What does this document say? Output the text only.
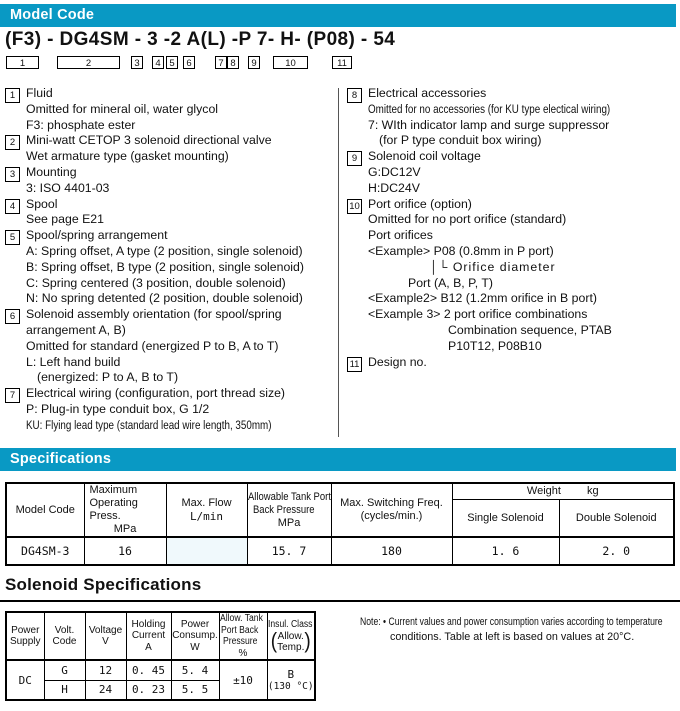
Model Code
(F3) - DG4SM - 3 -2 A(L) -P 7- H- (P08) - 54
1	2	3	4 5	6	7 8	9	10	11
1 Fluid
Omitted for mineral oil, water glycol
F3: phosphate ester
2 Mini-watt CETOP 3 solenoid directional valve
Wet armature type (gasket mounting)
3 Mounting
3: ISO 4401-03
4 Spool
See page E21
5 Spool/spring arrangement
A: Spring offset, A type (2 position, single solenoid)
B: Spring offset, B type (2 position, single solenoid)
C: Spring centered (3 position, double solenoid)
N: No spring detented (2 position, double solenoid)
6 Solenoid assembly orientation (for spool/spring
arrangement A, B)
Omitted for standard (energized P to B, A to T)
L: Left hand build
(energized: P to A, B to T)
7 Electrical wiring (configuration, port thread size)
P: Plug-in type conduit box, G 1/2
KU: Flying lead type (standard lead wire length, 350mm)
8 Electrical accessories
Omitted for no accessories (for KU type electical wiring)
7: WIth indicator lamp and surge suppressor
(for P type conduit box wiring)
9 Solenoid coil voltage
G:DC12V
H:DC24V
10 Port orifice (option)
Omitted for no port orifice (standard)
Port orifices
<Example> P08 (0.8mm in P port)
│└ Orifice diameter
Port (A, B, P, T)
<Example2> B12 (1.2mm orifice in B port)
<Example 3> 2 port orifice combinations
Combination sequence, PTAB
P10T12, P08B10
11 Design no.
Specifications
Model Code	
Maximum
Operating Press.
MPa

Max. Flow
L/min

Allowable Tank Port
Back Pressure
MPa

Max. Switching Freq.
(cycles/min.)
	Weight kg
					Single Solenoid	Double Solenoid
DG4SM-3	16		15. 7	180	1. 6	2. 0
Solenoid Specifications
Power
Supply

Volt.
Code

Voltage
V

Holding
Current
A

Power
Consump.
W

Allow. Tank
Port Back
Pressure
%

Insul. Class
( Allow.
Temp. )

DC	G	12	0. 45	5. 4	±10	B
(130 °C)

	H	24	0. 23	5. 5		
Note: • Current values and power consumption varies according to temperature
conditions. Table at left is based on values at 20°C.
